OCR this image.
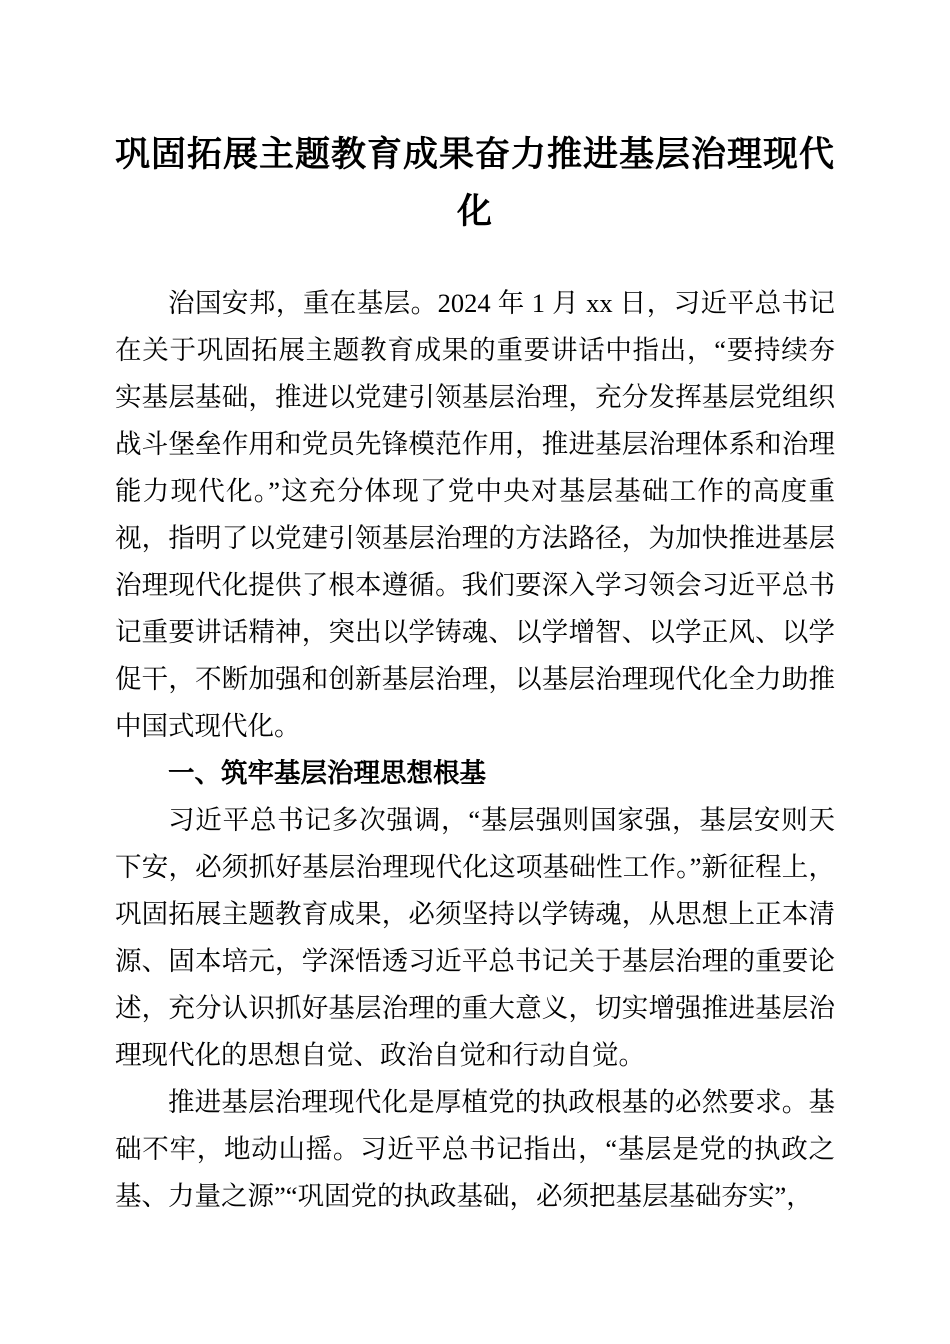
巩固拓展主题教育成果奋力推进基层治理现代化

治国安邦，重在基层。2024 年 1 月 xx 日，习近平总书记在关于巩固拓展主题教育成果的重要讲话中指出，“要持续夯实基层基础，推进以党建引领基层治理，充分发挥基层党组织战斗堡垒作用和党员先锋模范作用，推进基层治理体系和治理能力现代化。”这充分体现了党中央对基层基础工作的高度重视，指明了以党建引领基层治理的方法路径，为加快推进基层治理现代化提供了根本遵循。我们要深入学习领会习近平总书记重要讲话精神，突出以学铸魂、以学增智、以学正风、以学促干，不断加强和创新基层治理，以基层治理现代化全力助推中国式现代化。

一、筑牢基层治理思想根基

习近平总书记多次强调，“基层强则国家强，基层安则天下安，必须抓好基层治理现代化这项基础性工作。”新征程上，巩固拓展主题教育成果，必须坚持以学铸魂，从思想上正本清源、固本培元，学深悟透习近平总书记关于基层治理的重要论述，充分认识抓好基层治理的重大意义，切实增强推进基层治理现代化的思想自觉、政治自觉和行动自觉。

推进基层治理现代化是厚植党的执政根基的必然要求。基础不牢，地动山摇。习近平总书记指出，“基层是党的执政之基、力量之源”“巩固党的执政基础，必须把基层基础夯实”，
